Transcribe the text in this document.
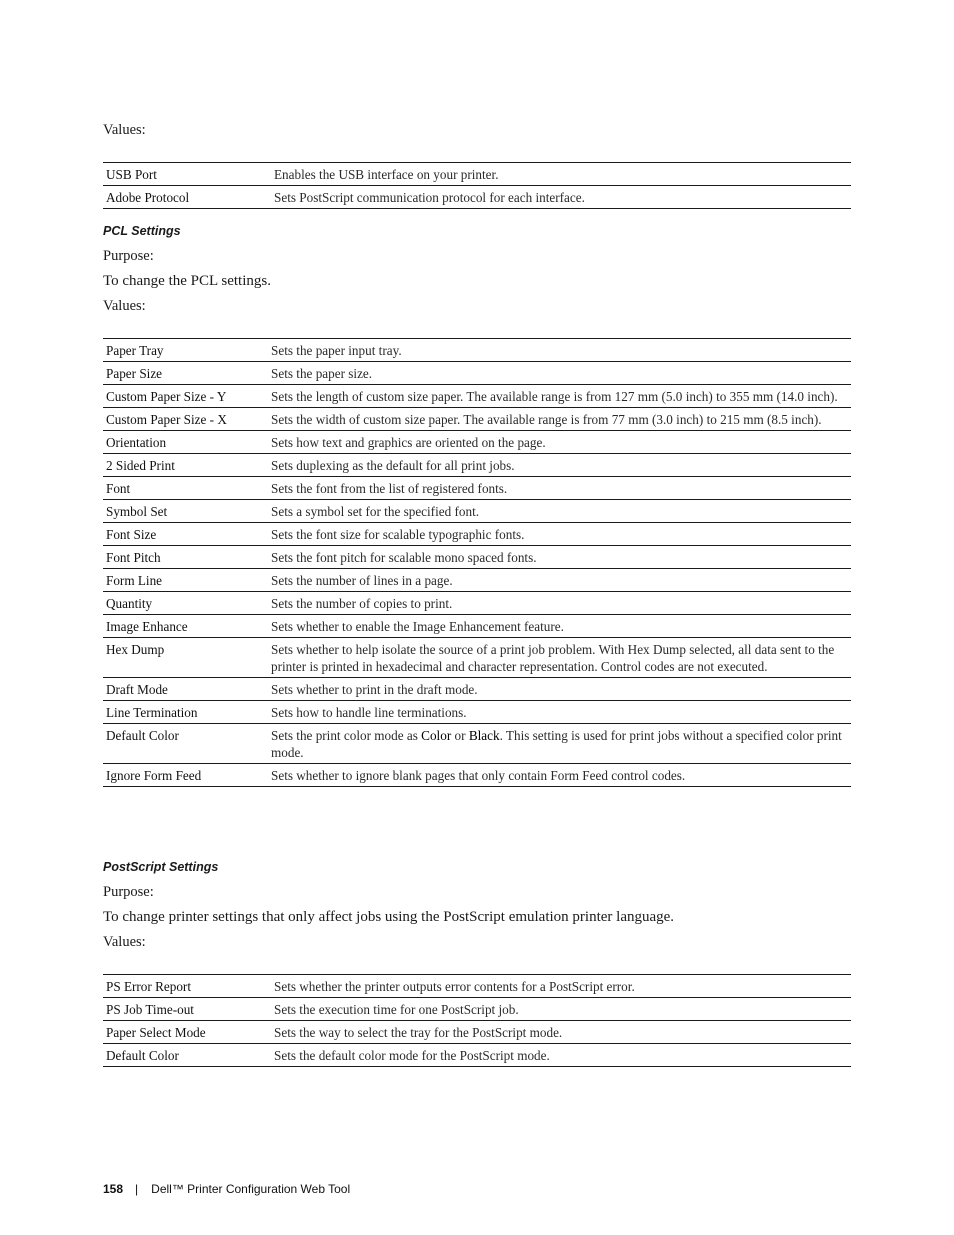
Values:
USB Port	Enables the USB interface on your printer.
Adobe Protocol	Sets PostScript communication protocol for each interface.
PCL Settings
Purpose:
To change the PCL settings.
Values:
Paper Tray	Sets the paper input tray.
Paper Size	Sets the paper size.
Custom Paper Size - Y	Sets the length of custom size paper. The available range is from 127 mm (5.0 inch) to 355 mm (14.0 inch).
Custom Paper Size - X	Sets the width of custom size paper. The available range is from 77 mm (3.0 inch) to 215 mm (8.5 inch).
Orientation	Sets how text and graphics are oriented on the page.
2 Sided Print	Sets duplexing as the default for all print jobs.
Font	Sets the font from the list of registered fonts.
Symbol Set	Sets a symbol set for the specified font.
Font Size	Sets the font size for scalable typographic fonts.
Font Pitch	Sets the font pitch for scalable mono spaced fonts.
Form Line	Sets the number of lines in a page.
Quantity	Sets the number of copies to print.
Image Enhance	Sets whether to enable the Image Enhancement feature.
Hex Dump	Sets whether to help isolate the source of a print job problem. With Hex Dump selected, all data sent to the printer is printed in hexadecimal and character representation. Control codes are not executed.
Draft Mode	Sets whether to print in the draft mode.
Line Termination	Sets how to handle line terminations.
Default Color	Sets the print color mode as Color or Black. This setting is used for print jobs without a specified color print mode.
Ignore Form Feed	Sets whether to ignore blank pages that only contain Form Feed control codes.
PostScript Settings
Purpose:
To change printer settings that only affect jobs using the PostScript emulation printer language.
Values:
PS Error Report	Sets whether the printer outputs error contents for a PostScript error.
PS Job Time-out	Sets the execution time for one PostScript job.
Paper Select Mode	Sets the way to select the tray for the PostScript mode.
Default Color	Sets the default color mode for the PostScript mode.
158 | Dell™ Printer Configuration Web Tool
